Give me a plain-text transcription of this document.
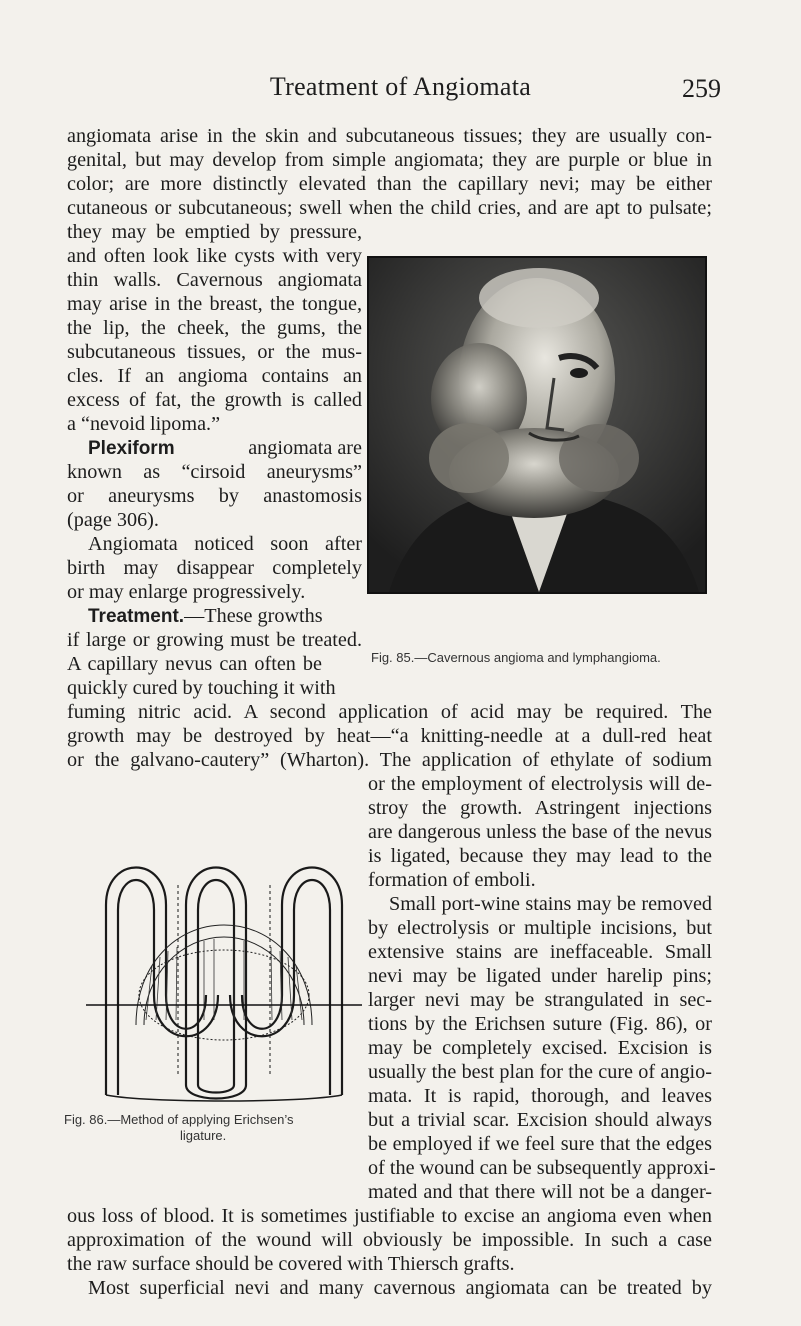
Treatment of Angiomata	259
angiomata arise in the skin and subcutaneous tissues; they are usually con-
genital, but may develop from simple angiomata; they are purple or blue in
color; are more distinctly elevated than the capillary nevi; may be either
cutaneous or subcutaneous; swell when the child cries, and are apt to pulsate;
they may be emptied by pressure,
and often look like cysts with very
thin walls. Cavernous angiomata
may arise in the breast, the tongue,
the lip, the cheek, the gums, the
subcutaneous tissues, or the mus-
cles. If an angioma contains an
excess of fat, the growth is called
a “nevoid lipoma.”
Plexiform	angiomata are
known as “cirsoid aneurysms”
or aneurysms by anastomosis
(page 306).
Angiomata noticed soon after
birth may disappear completely
or may enlarge progressively.
Treatment.—These growths
if large or growing must be treated.
A capillary nevus can often be
quickly cured by touching it with
Fig. 85.—Cavernous angioma and lymphangioma.
fuming nitric acid. A second application of acid may be required. The
growth may be destroyed by heat—“a knitting-needle at a dull-red heat
or the galvano-cautery” (Wharton). The application of ethylate of sodium
or the employment of electrolysis will de-
stroy the growth. Astringent injections
are dangerous unless the base of the nevus
is ligated, because they may lead to the
formation of emboli.
Small port-wine stains may be removed
by electrolysis or multiple incisions, but
extensive stains are ineffaceable. Small
nevi may be ligated under harelip pins;
larger nevi may be strangulated in sec-
tions by the Erichsen suture (Fig. 86), or
may be completely excised. Excision is
usually the best plan for the cure of angio-
mata. It is rapid, thorough, and leaves
but a trivial scar. Excision should always
be employed if we feel sure that the edges
of the wound can be subsequently approxi-
mated and that there will not be a danger-
Fig. 86.—Method of applying Erichsen’s
ligature.
ous loss of blood. It is sometimes justifiable to excise an angioma even when
approximation of the wound will obviously be impossible. In such a case
the raw surface should be covered with Thiersch grafts.
Most superficial nevi and many cavernous angiomata can be treated by
